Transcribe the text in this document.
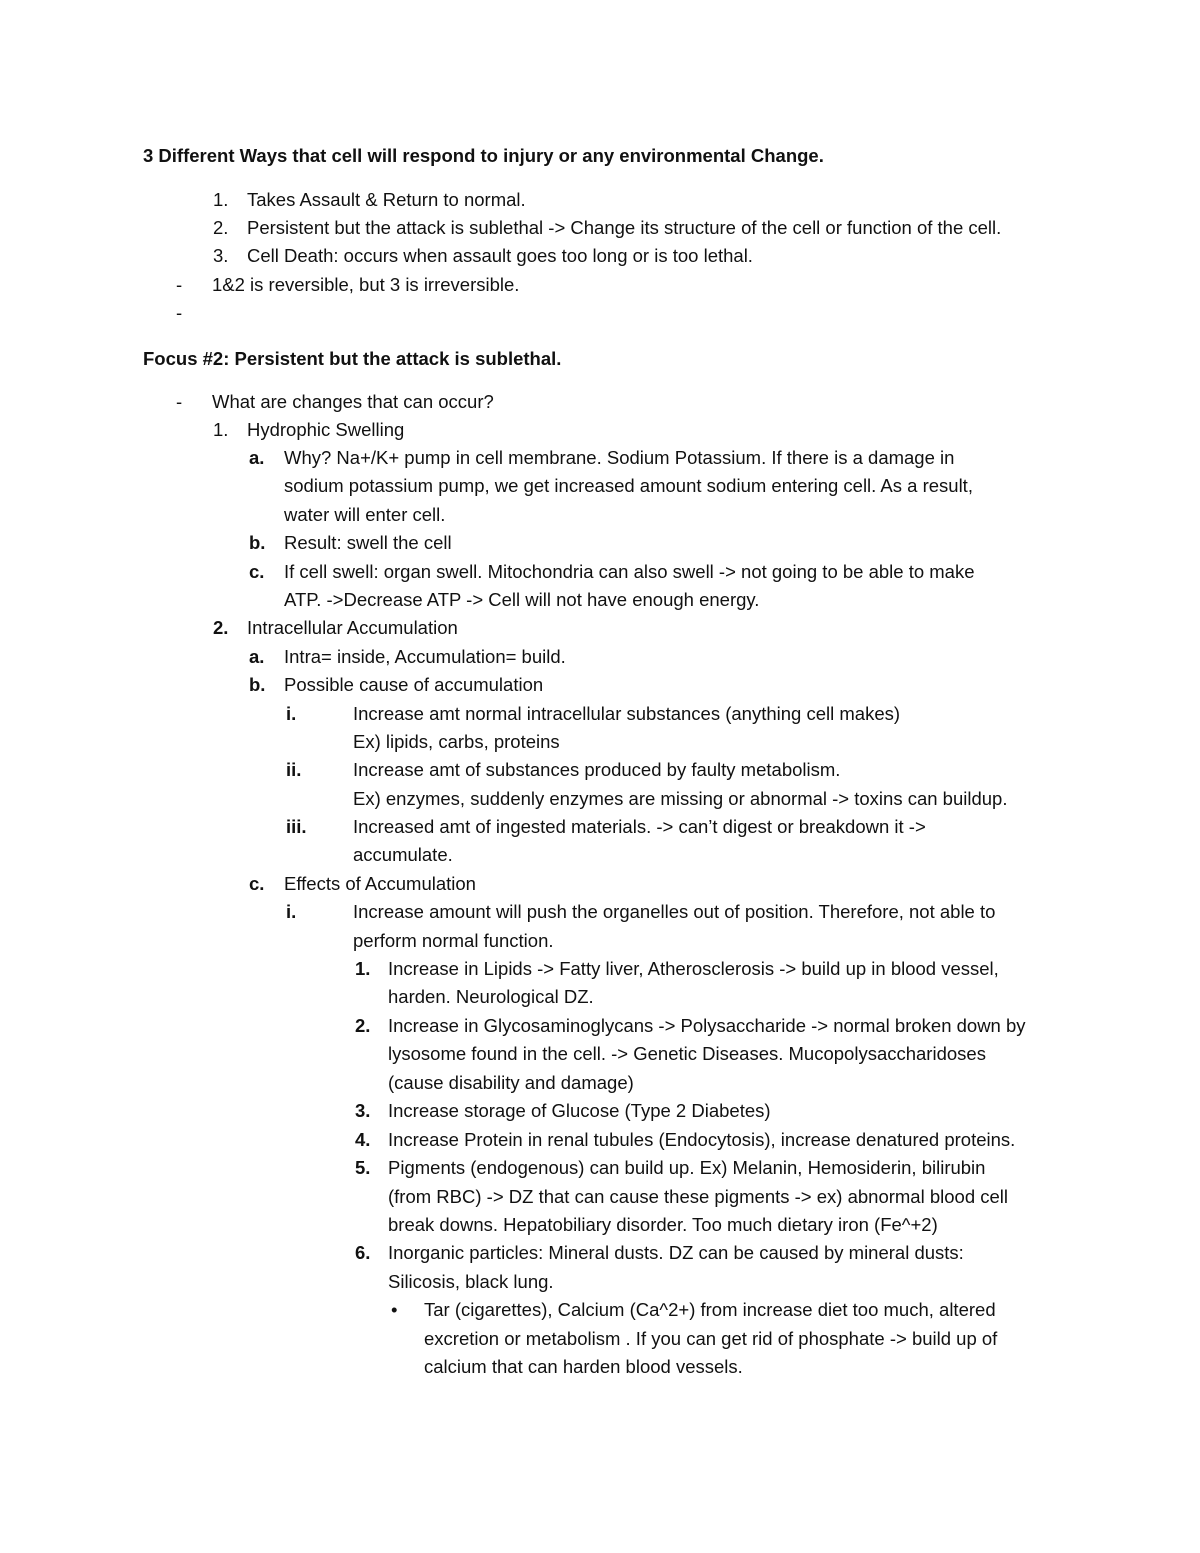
3 Different Ways that cell will respond to injury or any environmental Change.
1. Takes Assault & Return to normal.
2. Persistent but the attack is sublethal -> Change its structure of the cell or function of the cell.
3. Cell Death: occurs when assault goes too long or is too lethal.
- 1&2 is reversible, but 3 is irreversible.
-
Focus #2: Persistent but the attack is sublethal.
- What are changes that can occur?
1. Hydrophic Swelling
a. Why? Na+/K+ pump in cell membrane. Sodium Potassium. If there is a damage in
sodium potassium pump, we get increased amount sodium entering cell. As a result,
water will enter cell.
b. Result: swell the cell
c. If cell swell: organ swell. Mitochondria can also swell -> not going to be able to make
ATP. ->Decrease ATP -> Cell will not have enough energy.
2. Intracellular Accumulation
a. Intra= inside, Accumulation= build.
b. Possible cause of accumulation
i.	Increase amt normal intracellular substances (anything cell makes)
Ex) lipids, carbs, proteins
ii.	Increase amt of substances produced by faulty metabolism.
Ex) enzymes, suddenly enzymes are missing or abnormal -> toxins can buildup.
iii.	Increased amt of ingested materials. -> can’t digest or breakdown it ->
accumulate.
c. Effects of Accumulation
i.	Increase amount will push the organelles out of position. Therefore, not able to
perform normal function.
1. Increase in Lipids -> Fatty liver, Atherosclerosis -> build up in blood vessel,
harden. Neurological DZ.
2. Increase in Glycosaminoglycans -> Polysaccharide -> normal broken down by
lysosome found in the cell. -> Genetic Diseases. Mucopolysaccharidoses
(cause disability and damage)
3. Increase storage of Glucose (Type 2 Diabetes)
4. Increase Protein in renal tubules (Endocytosis), increase denatured proteins.
5. Pigments (endogenous) can build up. Ex) Melanin, Hemosiderin, bilirubin
(from RBC) -> DZ that can cause these pigments -> ex) abnormal blood cell
break downs. Hepatobiliary disorder. Too much dietary iron (Fe^+2)
6. Inorganic particles: Mineral dusts. DZ can be caused by mineral dusts:
Silicosis, black lung.
• Tar (cigarettes), Calcium (Ca^2+) from increase diet too much, altered
excretion or metabolism . If you can get rid of phosphate -> build up of
calcium that can harden blood vessels.
